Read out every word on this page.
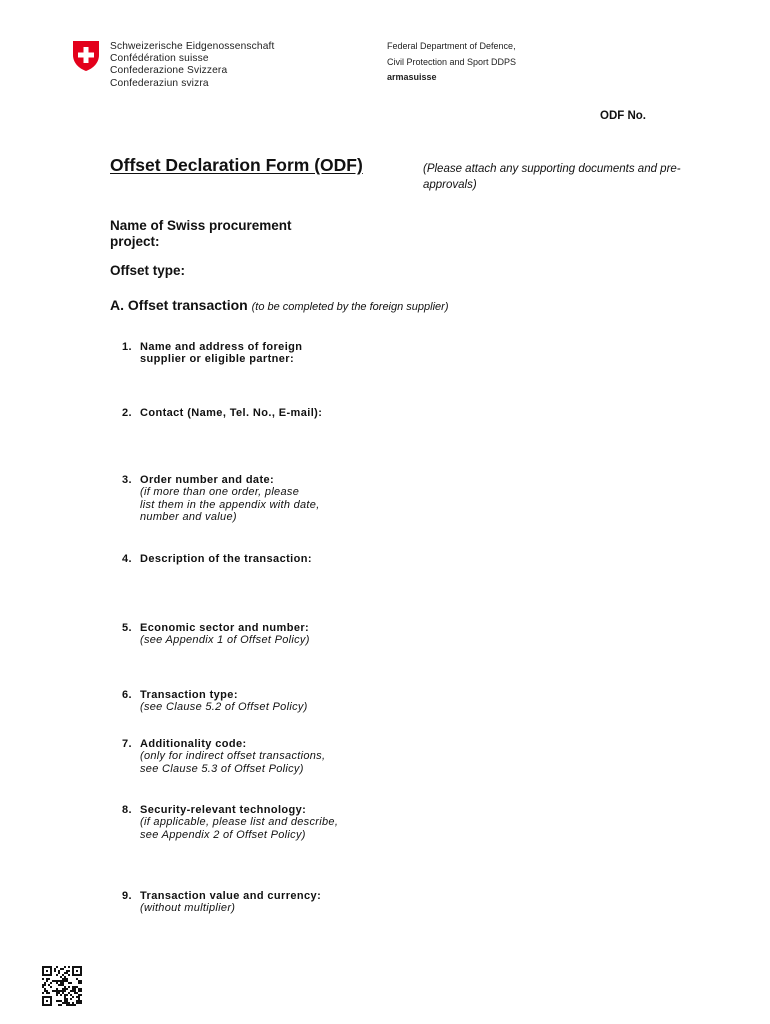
Schweizerische Eidgenossenschaft
Confédération suisse
Confederazione Svizzera
Confederaziun svizra
Federal Department of Defence,
Civil Protection and Sport DDPS
armasuisse
ODF No.
Offset Declaration Form (ODF)	(Please attach any supporting documents and pre-approvals)
Name of Swiss procurement project:
Offset type:
A. Offset transaction (to be completed by the foreign supplier)
1. Name and address of foreign
supplier or eligible partner:
2. Contact (Name, Tel. No., E-mail):
3. Order number and date:
(if more than one order, please
list them in the appendix with date,
number and value)
4. Description of the transaction:
5. Economic sector and number:
(see Appendix 1 of Offset Policy)
6. Transaction type:
(see Clause 5.2 of Offset Policy)
7. Additionality code:
(only for indirect offset transactions,
see Clause 5.3 of Offset Policy)
8. Security-relevant technology:
(if applicable, please list and describe,
see Appendix 2 of Offset Policy)
9. Transaction value and currency:
(without multiplier)
